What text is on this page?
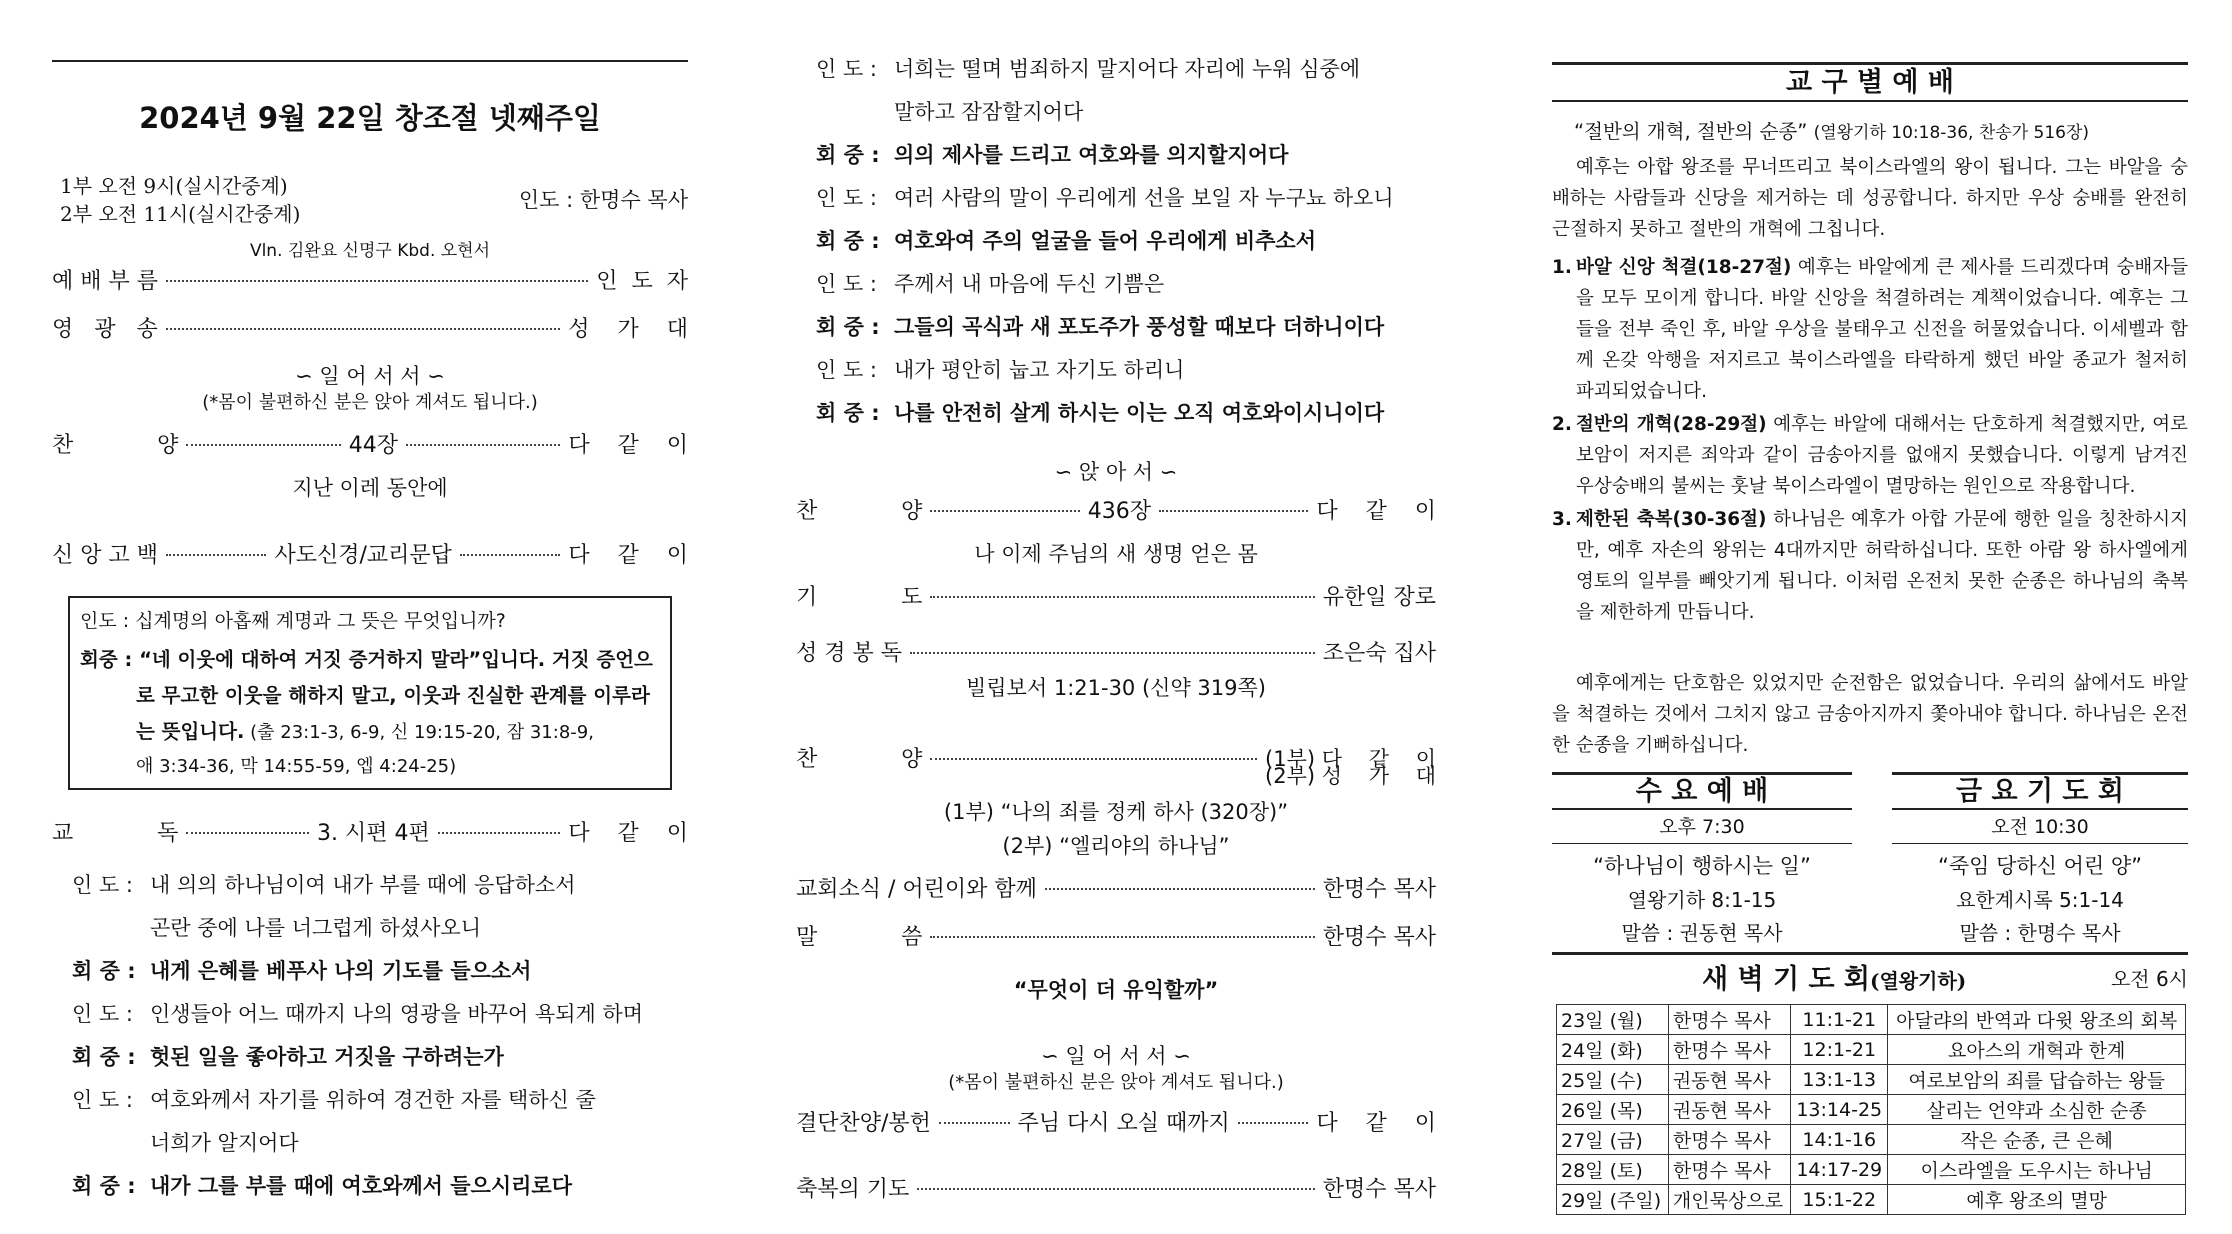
2024년 9월 22일 창조절 넷째주일
1부 오전 9시(실시간중계)
2부 오전 11시(실시간중계)
인도 : 한명수 목사
Vln. 김완요 신명구 Kbd. 오현서
예 배 부 름	인  도  자
영   광   송	성    가    대
∽ 일 어 서 서 ∽
(*몸이 불편하신 분은 앉아 계셔도 됩니다.)
찬            양	44장	다    같    이
지난 이레 동안에
신 앙 고 백	사도신경/교리문답	다    같    이
인도 : 십계명의 아홉째 계명과 그 뜻은 무엇입니까?
회중 : “네 이웃에 대하여 거짓 증거하지 말라”입니다. 거짓 증언으
로 무고한 이웃을 해하지 말고, 이웃과 진실한 관계를 이루라
는 뜻입니다. (출 23:1-3, 6-9, 신 19:15-20, 잠 31:8-9,
애 3:34-36, 막 14:55-59, 엡 4:24-25)
교            독	3. 시편 4편	다    같    이
인 도 : 내 의의 하나님이여 내가 부를 때에 응답하소서
곤란 중에 나를 너그럽게 하셨사오니
회 중 : 내게 은혜를 베푸사 나의 기도를 들으소서
인 도 : 인생들아 어느 때까지 나의 영광을 바꾸어 욕되게 하며
회 중 : 헛된 일을 좋아하고 거짓을 구하려는가
인 도 : 여호와께서 자기를 위하여 경건한 자를 택하신 줄
너희가 알지어다
회 중 : 내가 그를 부를 때에 여호와께서 들으시리로다
인 도 : 너희는 떨며 범죄하지 말지어다 자리에 누워 심중에
말하고 잠잠할지어다
회 중 : 의의 제사를 드리고 여호와를 의지할지어다
인 도 : 여러 사람의 말이 우리에게 선을 보일 자 누구뇨 하오니
회 중 : 여호와여 주의 얼굴을 들어 우리에게 비추소서
인 도 : 주께서 내 마음에 두신 기쁨은
회 중 : 그들의 곡식과 새 포도주가 풍성할 때보다 더하니이다
인 도 : 내가 평안히 눕고 자기도 하리니
회 중 : 나를 안전히 살게 하시는 이는 오직 여호와이시니이다
∽ 앉 아 서 ∽
찬            양	436장	다    같    이
나 이제 주님의 새 생명 얻은 몸
기            도	유한일 장로
성 경 봉 독	조은숙 집사
빌립보서 1:21-30 (신약 319쪽)
찬            양	(1부) 다    같    이
(2부) 성    가    대
(1부) “나의 죄를 정케 하사 (320장)”
(2부) “엘리야의 하나님”
교회소식 / 어린이와 함께	한명수 목사
말            씀	한명수 목사
“무엇이 더 유익할까”
∽ 일 어 서 서 ∽
(*몸이 불편하신 분은 앉아 계셔도 됩니다.)
결단찬양/봉헌	주님 다시 오실 때까지	다    같    이
축복의 기도	한명수 목사
교 구 별 예 배
“절반의 개혁, 절반의 순종” (열왕기하 10:18-36, 찬송가 516장)
예후는 아합 왕조를 무너뜨리고 북이스라엘의 왕이 됩니다. 그는 바알을 숭배하는 사람들과 신당을 제거하는 데 성공합니다. 하지만 우상 숭배를 완전히 근절하지 못하고 절반의 개혁에 그칩니다.
1. 바알 신앙 척결(18-27절) 예후는 바알에게 큰 제사를 드리겠다며 숭배자들을 모두 모이게 합니다. 바알 신앙을 척결하려는 계책이었습니다. 예후는 그들을 전부 죽인 후, 바알 우상을 불태우고 신전을 허물었습니다. 이세벨과 함께 온갖 악행을 저지르고 북이스라엘을 타락하게 했던 바알 종교가 철저히 파괴되었습니다.
2. 절반의 개혁(28-29절) 예후는 바알에 대해서는 단호하게 척결했지만, 여로보암이 저지른 죄악과 같이 금송아지를 없애지 못했습니다. 이렇게 남겨진 우상숭배의 불씨는 훗날 북이스라엘이 멸망하는 원인으로 작용합니다.
3. 제한된 축복(30-36절) 하나님은 예후가 아합 가문에 행한 일을 칭찬하시지만, 예후 자손의 왕위는 4대까지만 허락하십니다. 또한 아람 왕 하사엘에게 영토의 일부를 빼앗기게 됩니다. 이처럼 온전치 못한 순종은 하나님의 축복을 제한하게 만듭니다.
예후에게는 단호함은 있었지만 순전함은 없었습니다. 우리의 삶에서도 바알을 척결하는 것에서 그치지 않고 금송아지까지 쫓아내야 합니다. 하나님은 온전한 순종을 기뻐하십니다.
수 요 예 배
오후 7:30
“하나님이 행하시는 일”
열왕기하 8:1-15
말씀 : 권동현 목사
금 요 기 도 회
오전 10:30
“죽임 당하신 어린 양”
요한계시록 5:1-14
말씀 : 한명수 목사
새 벽 기 도 회(열왕기하)	오전 6시
23일 (월)	한명수 목사	11:1-21	아달랴의 반역과 다윗 왕조의 회복
24일 (화)	한명수 목사	12:1-21	요아스의 개혁과 한계
25일 (수)	권동현 목사	13:1-13	여로보암의 죄를 답습하는 왕들
26일 (목)	권동현 목사	13:14-25	살리는 언약과 소심한 순종
27일 (금)	한명수 목사	14:1-16	작은 순종, 큰 은혜
28일 (토)	한명수 목사	14:17-29	이스라엘을 도우시는 하나님
29일 (주일)	개인묵상으로	15:1-22	예후 왕조의 멸망
